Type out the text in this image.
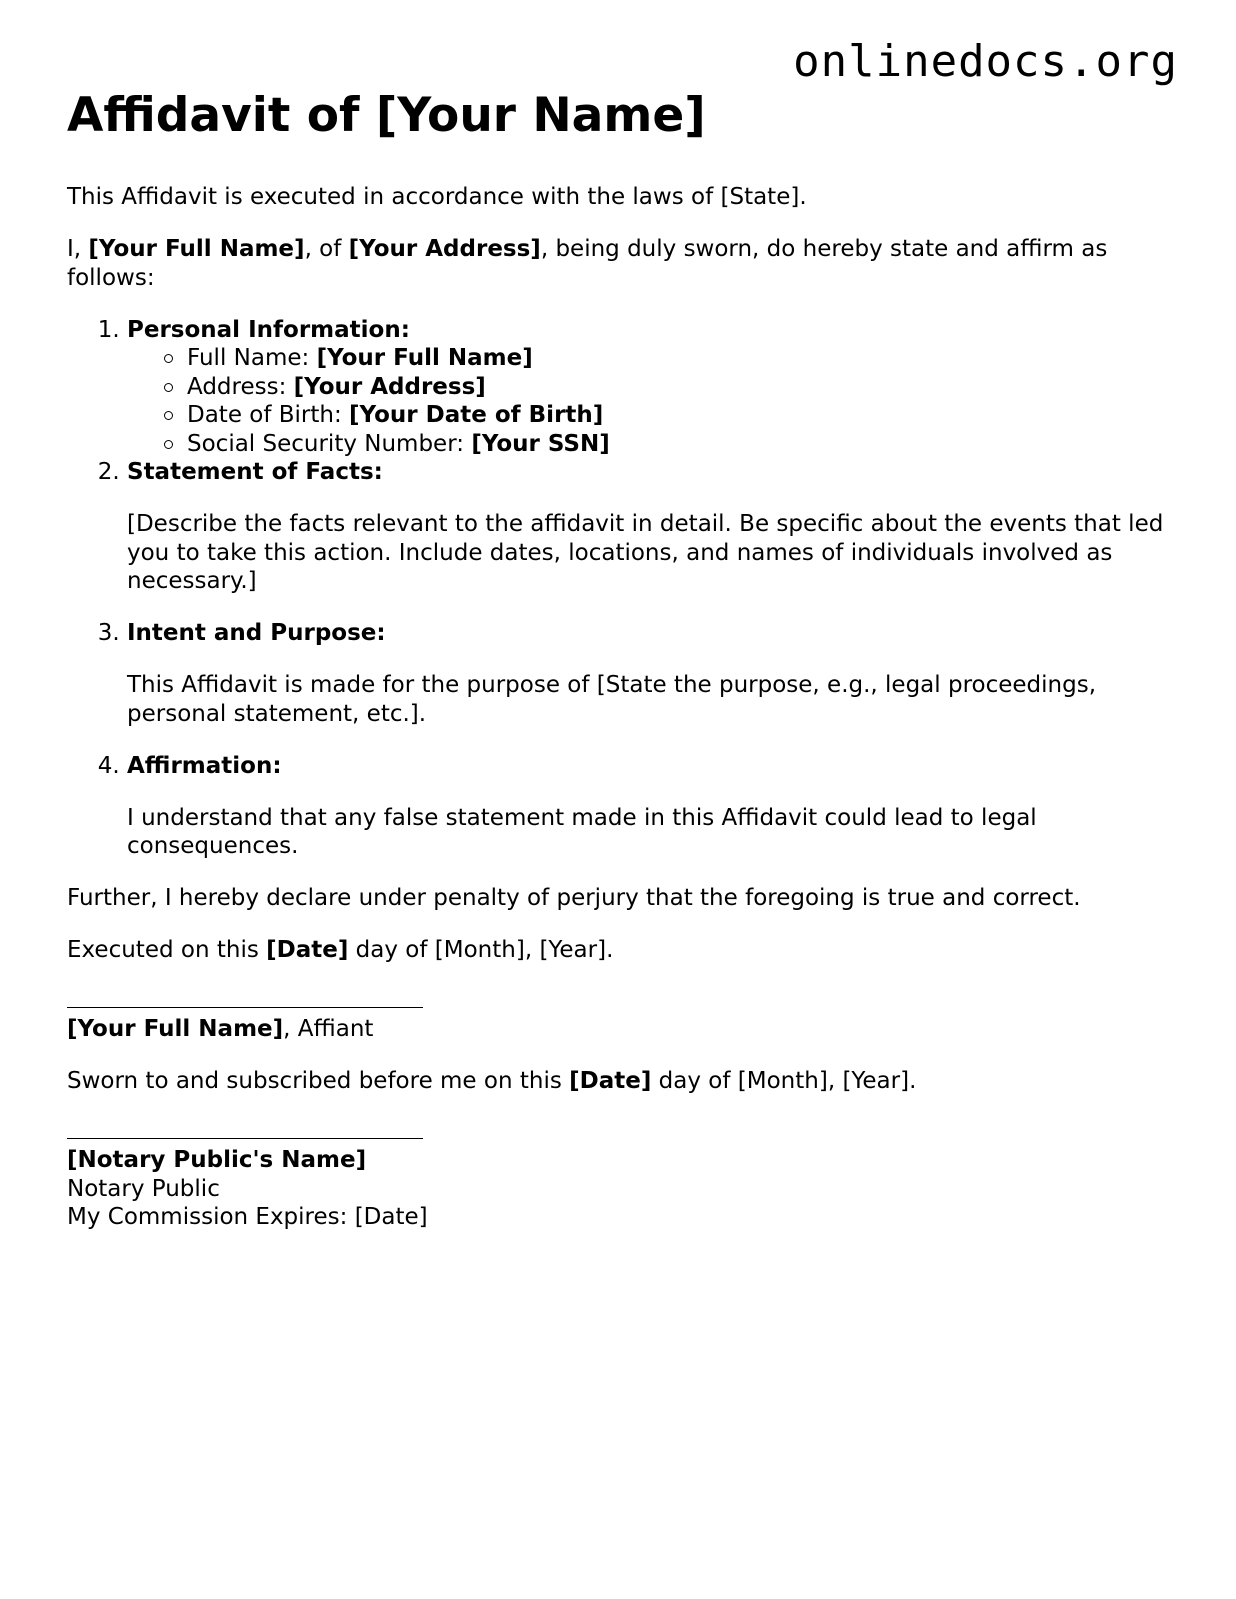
onlinedocs.org
Affidavit of [Your Name]

This Affidavit is executed in accordance with the laws of [State].

I, [Your Full Name], of [Your Address], being duly sworn, do hereby state and affirm as follows:

1. Personal Information:
Full Name: [Your Full Name]
Address: [Your Address]
Date of Birth: [Your Date of Birth]
Social Security Number: [Your SSN]
2. Statement of Facts:
[Describe the facts relevant to the affidavit in detail. Be specific about the events that led you to take this action. Include dates, locations, and names of individuals involved as necessary.]
3. Intent and Purpose:
This Affidavit is made for the purpose of [State the purpose, e.g., legal proceedings, personal statement, etc.].
4. Affirmation:
I understand that any false statement made in this Affidavit could lead to legal consequences.

Further, I hereby declare under penalty of perjury that the foregoing is true and correct.

Executed on this [Date] day of [Month], [Year].

[Your Full Name], Affiant

Sworn to and subscribed before me on this [Date] day of [Month], [Year].

[Notary Public's Name]
Notary Public
My Commission Expires: [Date]
